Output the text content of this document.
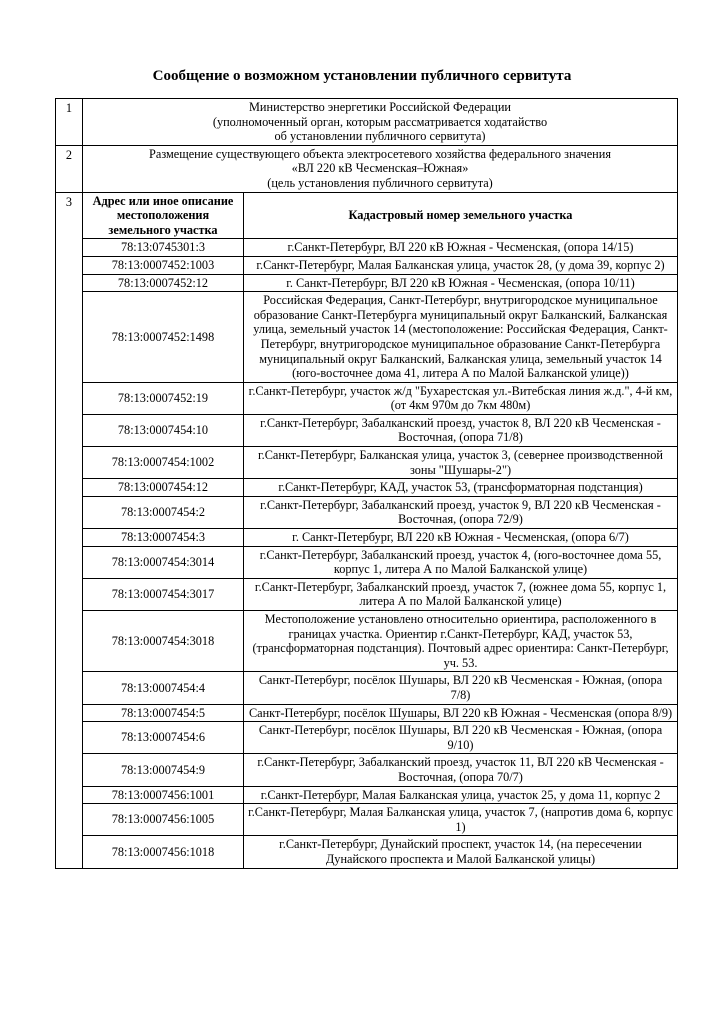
Сообщение о возможном установлении публичного сервитута
1	Министерство энергетики Российской Федерации
(уполномоченный орган, которым рассматривается ходатайство
об установлении публичного сервитута)	

2	Размещение существующего объекта электросетевого хозяйства федерального значения
«ВЛ 220 кВ Чесменская–Южная»
(цель установления публичного сервитута)	

3	Адрес или иное описание местоположения земельного участка	Кадастровый номер земельного участка
	78:13:0745301:3	г.Санкт-Петербург, ВЛ 220 кВ Южная - Чесменская, (опора 14/15)
	78:13:0007452:1003	г.Санкт-Петербург, Малая Балканская улица, участок 28, (у дома 39, корпус 2)
	78:13:0007452:12	г. Санкт-Петербург, ВЛ 220 кВ Южная - Чесменская, (опора 10/11)
	78:13:0007452:1498	Российская Федерация, Санкт-Петербург, внутригородское муниципальное образование Санкт-Петербурга муниципальный округ Балканский, Балканская улица, земельный участок 14 (местоположение: Российская Федерация, Санкт-Петербург, внутригородское муниципальное образование Санкт-Петербурга муниципальный округ Балканский, Балканская улица, земельный участок 14 (юго-восточнее дома 41, литера А по Малой Балканской улице))
	78:13:0007452:19	г.Санкт-Петербург, участок ж/д "Бухарестская ул.-Витебская линия ж.д.", 4-й км, (от 4км 970м до 7км 480м)
	78:13:0007454:10	г.Санкт-Петербург, Забалканский проезд, участок 8, ВЛ 220 кВ Чесменская - Восточная, (опора 71/8)
	78:13:0007454:1002	г.Санкт-Петербург, Балканская улица, участок 3, (севернее производственной зоны "Шушары-2")
	78:13:0007454:12	г.Санкт-Петербург, КАД, участок 53, (трансформаторная подстанция)
	78:13:0007454:2	г.Санкт-Петербург, Забалканский проезд, участок 9, ВЛ 220 кВ Чесменская - Восточная, (опора 72/9)
	78:13:0007454:3	г. Санкт-Петербург, ВЛ 220 кВ Южная - Чесменская, (опора 6/7)
	78:13:0007454:3014	г.Санкт-Петербург, Забалканский проезд, участок 4, (юго-восточнее дома 55, корпус 1, литера А по Малой Балканской улице)
	78:13:0007454:3017	г.Санкт-Петербург, Забалканский проезд, участок 7, (южнее дома 55, корпус 1, литера А по Малой Балканской улице)
	78:13:0007454:3018	Местоположение установлено относительно ориентира, расположенного в границах участка. Ориентир г.Санкт-Петербург, КАД, участок 53, (трансформаторная подстанция). Почтовый адрес ориентира: Санкт-Петербург, уч. 53.
	78:13:0007454:4	Санкт-Петербург, посёлок Шушары, ВЛ 220 кВ Чесменская - Южная, (опора 7/8)
	78:13:0007454:5	Санкт-Петербург, посёлок Шушары, ВЛ 220 кВ Южная - Чесменская (опора 8/9)
	78:13:0007454:6	Санкт-Петербург, посёлок Шушары, ВЛ 220 кВ Чесменская - Южная, (опора 9/10)
	78:13:0007454:9	г.Санкт-Петербург, Забалканский проезд, участок 11, ВЛ 220 кВ Чесменская - Восточная, (опора 70/7)
	78:13:0007456:1001	г.Санкт-Петербург, Малая Балканская улица, участок 25, у дома 11, корпус 2
	78:13:0007456:1005	г.Санкт-Петербург, Малая Балканская улица, участок 7, (напротив дома 6, корпус 1)
	78:13:0007456:1018	г.Санкт-Петербург, Дунайский проспект, участок 14, (на пересечении Дунайского проспекта и Малой Балканской улицы)
